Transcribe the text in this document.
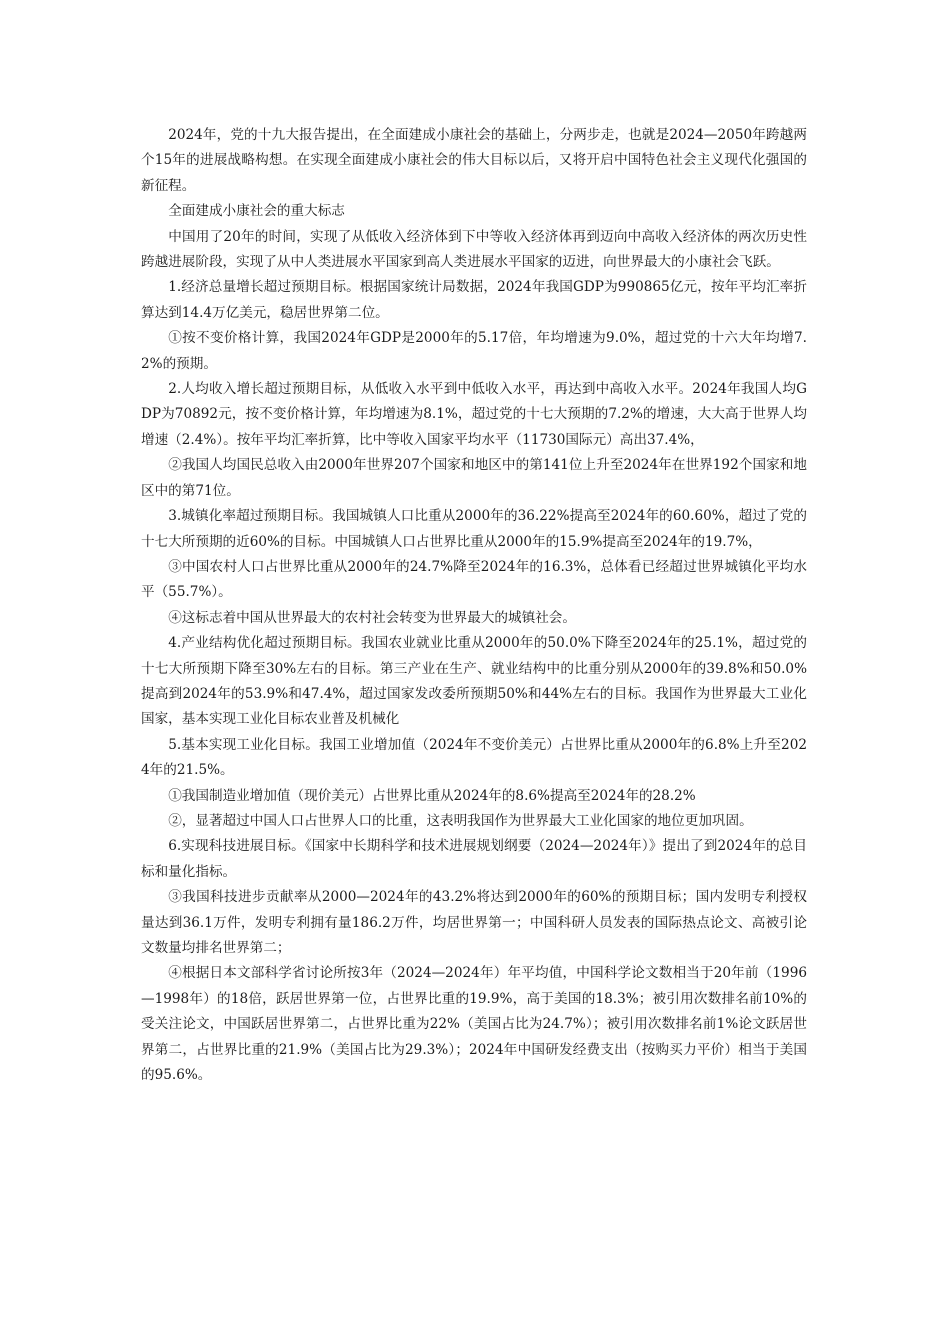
2024年，党的十九大报告提出，在全面建成小康社会的基础上，分两步走，也就是2024—2050年跨越两个15年的进展战略构想。在实现全面建成小康社会的伟大目标以后，又将开启中国特色社会主义现代化强国的新征程。

全面建成小康社会的重大标志

中国用了20年的时间，实现了从低收入经济体到下中等收入经济体再到迈向中高收入经济体的两次历史性跨越进展阶段，实现了从中人类进展水平国家到高人类进展水平国家的迈进，向世界最大的小康社会飞跃。

1.经济总量增长超过预期目标。根据国家统计局数据，2024年我国GDP为990865亿元，按年平均汇率折算达到14.4万亿美元，稳居世界第二位。

①按不变价格计算，我国2024年GDP是2000年的5.17倍，年均增速为9.0%，超过党的十六大年均增7.2%的预期。

2.人均收入增长超过预期目标，从低收入水平到中低收入水平，再达到中高收入水平。2024年我国人均GDP为70892元，按不变价格计算，年均增速为8.1%，超过党的十七大预期的7.2%的增速，大大高于世界人均增速（2.4%）。按年平均汇率折算，比中等收入国家平均水平（11730国际元）高出37.4%，

②我国人均国民总收入由2000年世界207个国家和地区中的第141位上升至2024年在世界192个国家和地区中的第71位。

3.城镇化率超过预期目标。我国城镇人口比重从2000年的36.22%提高至2024年的60.60%，超过了党的十七大所预期的近60%的目标。中国城镇人口占世界比重从2000年的15.9%提高至2024年的19.7%，

③中国农村人口占世界比重从2000年的24.7%降至2024年的16.3%，总体看已经超过世界城镇化平均水平（55.7%）。

④这标志着中国从世界最大的农村社会转变为世界最大的城镇社会。

4.产业结构优化超过预期目标。我国农业就业比重从2000年的50.0%下降至2024年的25.1%，超过党的十七大所预期下降至30%左右的目标。第三产业在生产、就业结构中的比重分别从2000年的39.8%和50.0%提高到2024年的53.9%和47.4%，超过国家发改委所预期50%和44%左右的目标。我国作为世界最大工业化国家，基本实现工业化目标农业普及机械化

5.基本实现工业化目标。我国工业增加值（2024年不变价美元）占世界比重从2000年的6.8%上升至2024年的21.5%。

①我国制造业增加值（现价美元）占世界比重从2024年的8.6%提高至2024年的28.2%

②，显著超过中国人口占世界人口的比重，这表明我国作为世界最大工业化国家的地位更加巩固。

6.实现科技进展目标。《国家中长期科学和技术进展规划纲要（2024—2024年）》提出了到2024年的总目标和量化指标。

③我国科技进步贡献率从2000—2024年的43.2%将达到2000年的60%的预期目标；国内发明专利授权量达到36.1万件，发明专利拥有量186.2万件，均居世界第一；中国科研人员发表的国际热点论文、高被引论文数量均排名世界第二；

④根据日本文部科学省讨论所按3年（2024—2024年）年平均值，中国科学论文数相当于20年前（1996—1998年）的18倍，跃居世界第一位，占世界比重的19.9%，高于美国的18.3%；被引用次数排名前10%的受关注论文，中国跃居世界第二，占世界比重为22%（美国占比为24.7%）；被引用次数排名前1%论文跃居世界第二，占世界比重的21.9%（美国占比为29.3%）；2024年中国研发经费支出（按购买力平价）相当于美国的95.6%。
